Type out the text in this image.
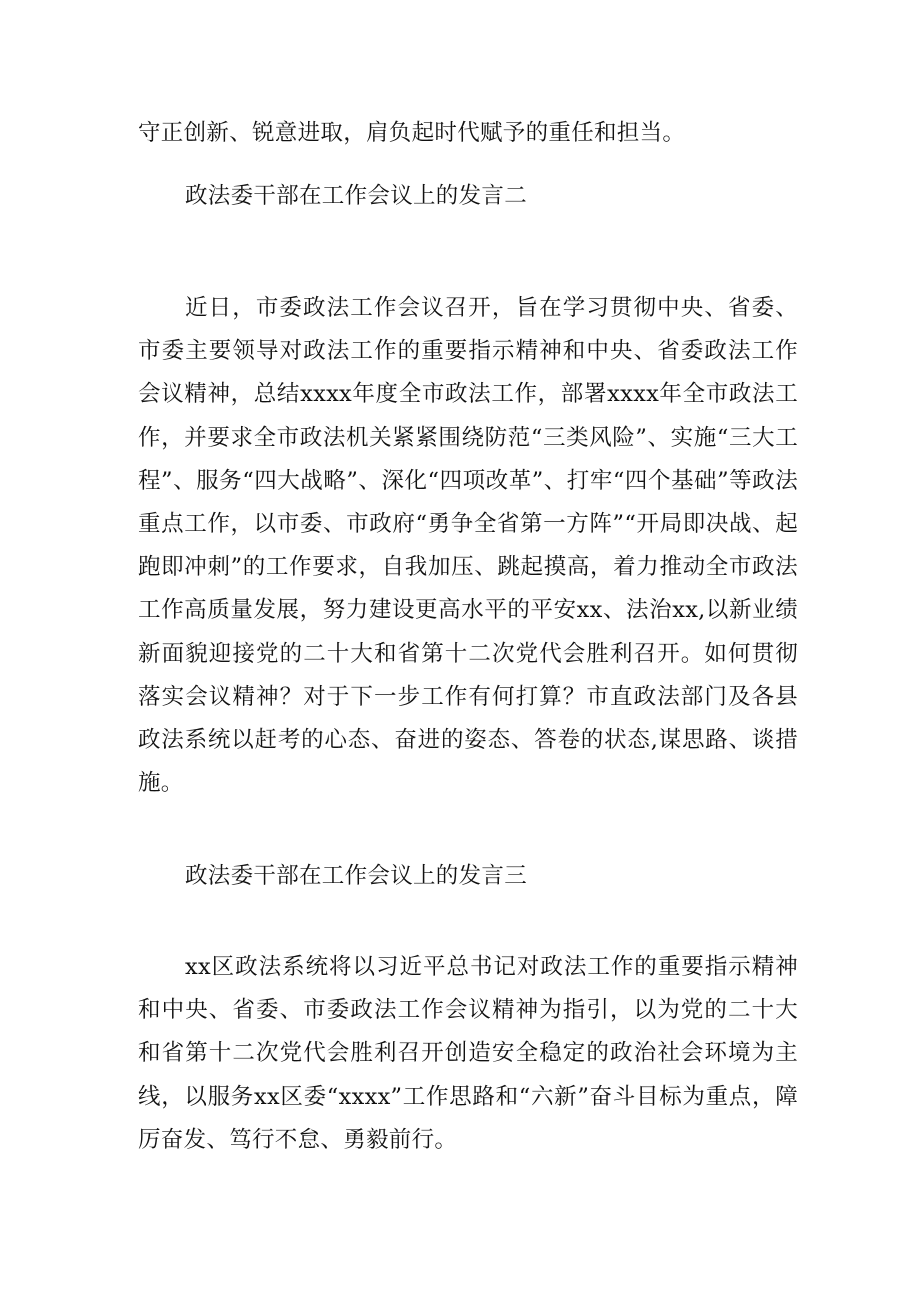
守正创新、锐意进取，肩负起时代赋予的重任和担当。

政法委干部在工作会议上的发言二

近日，市委政法工作会议召开，旨在学习贯彻中央、省委、市委主要领导对政法工作的重要指示精神和中央、省委政法工作会议精神，总结xxxx年度全市政法工作，部署xxxx年全市政法工作，并要求全市政法机关紧紧围绕防范“三类风险”、实施“三大工程”、服务“四大战略”、深化“四项改革”、打牢“四个基础”等政法重点工作，以市委、市政府“勇争全省第一方阵”“开局即决战、起跑即冲刺”的工作要求，自我加压、跳起摸高，着力推动全市政法工作高质量发展，努力建设更高水平的平安xx、法治xx,以新业绩新面貌迎接党的二十大和省第十二次党代会胜利召开。如何贯彻落实会议精神？对于下一步工作有何打算？市直政法部门及各县政法系统以赶考的心态、奋进的姿态、答卷的状态,谋思路、谈措施。

政法委干部在工作会议上的发言三

xx区政法系统将以习近平总书记对政法工作的重要指示精神和中央、省委、市委政法工作会议精神为指引，以为党的二十大和省第十二次党代会胜利召开创造安全稳定的政治社会环境为主线，以服务xx区委“xxxx”工作思路和“六新”奋斗目标为重点，障厉奋发、笃行不怠、勇毅前行。
